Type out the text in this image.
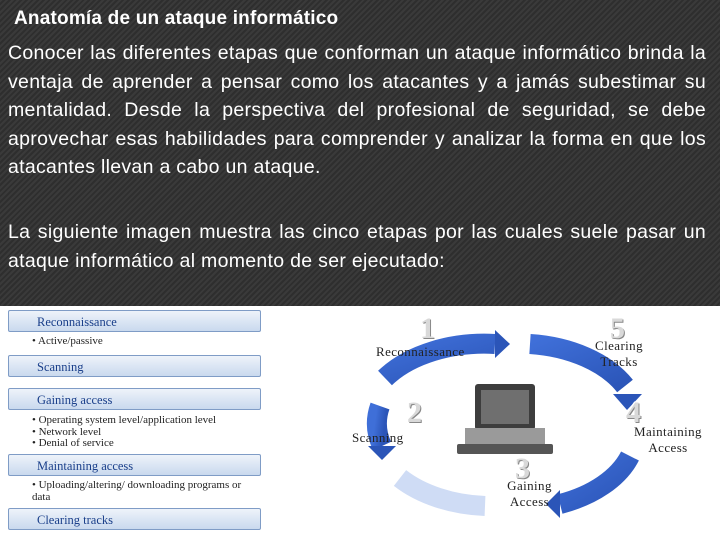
Anatomía de un ataque informático
Conocer las diferentes etapas que conforman un ataque informático brinda la ventaja de aprender a pensar como los atacantes y a jamás subestimar su mentalidad. Desde la perspectiva del profesional de seguridad, se debe aprovechar esas habilidades para comprender y analizar la forma en que los atacantes llevan a cabo un ataque.
La siguiente imagen muestra las cinco etapas por las cuales suele pasar un ataque informático al momento de ser ejecutado:
Reconnaissance
• Active/passive
Scanning
Gaining access
• Operating system level/application level
• Network level
• Denial of service
Maintaining access
• Uploading/altering/ downloading programs or data
Clearing tracks
1
Reconnaissance
2
Scanning
3
Gaining Access
4
Maintaining Access
5
Clearing Tracks
